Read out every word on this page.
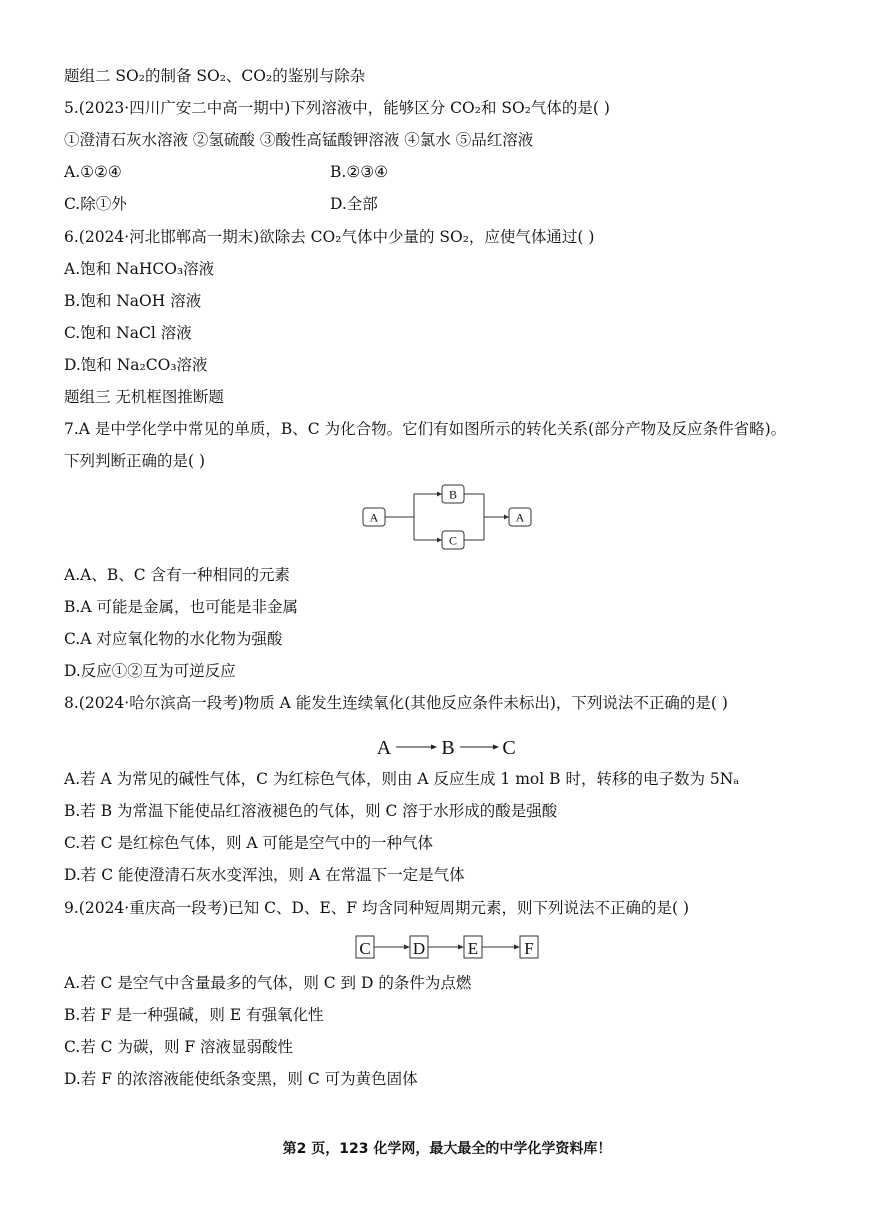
题组二 SO₂的制备 SO₂、CO₂的鉴别与除杂
5.(2023·四川广安二中高一期中)下列溶液中，能够区分 CO₂和 SO₂气体的是( )
①澄清石灰水溶液 ②氢硫酸 ③酸性高锰酸钾溶液 ④氯水 ⑤品红溶液
A.①②④	B.②③④
C.除①外	D.全部
6.(2024·河北邯郸高一期末)欲除去 CO₂气体中少量的 SO₂，应使气体通过( )
A.饱和 NaHCO₃溶液
B.饱和 NaOH 溶液
C.饱和 NaCl 溶液
D.饱和 Na₂CO₃溶液
题组三 无机框图推断题
7.A 是中学化学中常见的单质，B、C 为化合物。它们有如图所示的转化关系(部分产物及反应条件省略)。
下列判断正确的是( )
A
B
C
A
A.A、B、C 含有一种相同的元素
B.A 可能是金属，也可能是非金属
C.A 对应氧化物的水化物为强酸
D.反应①②互为可逆反应
8.(2024·哈尔滨高一段考)物质 A 能发生连续氧化(其他反应条件未标出)，下列说法不正确的是( )
A	B C
A.若 A 为常见的碱性气体，C 为红棕色气体，则由 A 反应生成 1 mol B 时，转移的电子数为 5Nₐ
B.若 B 为常温下能使品红溶液褪色的气体，则 C 溶于水形成的酸是强酸
C.若 C 是红棕色气体，则 A 可能是空气中的一种气体
D.若 C 能使澄清石灰水变浑浊，则 A 在常温下一定是气体
9.(2024·重庆高一段考)已知 C、D、E、F 均含同种短周期元素，则下列说法不正确的是( )
C D	E	F
A.若 C 是空气中含量最多的气体，则 C 到 D 的条件为点燃
B.若 F 是一种强碱，则 E 有强氧化性
C.若 C 为碳，则 F 溶液显弱酸性
D.若 F 的浓溶液能使纸条变黑，则 C 可为黄色固体
第2 页，123 化学网，最大最全的中学化学资料库！
